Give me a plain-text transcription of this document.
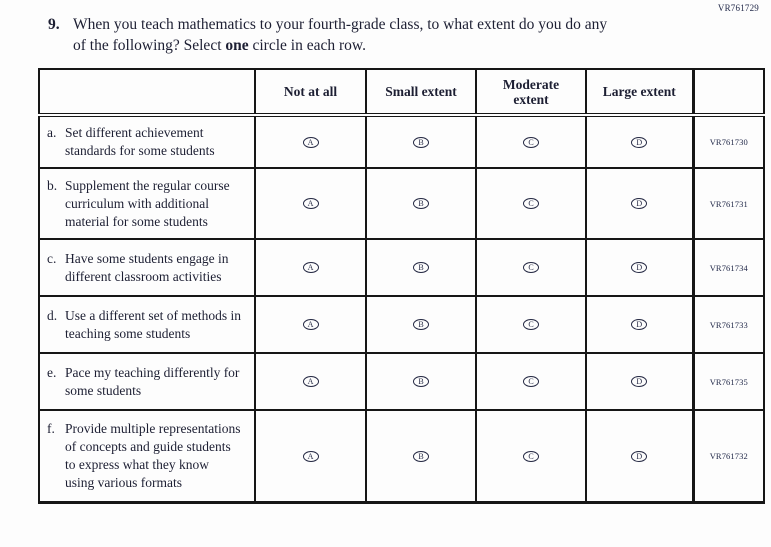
VR761729
9. When you teach mathematics to your fourth-grade class, to what extent do you do any
of the following? Select one circle in each row.
	Not at all	Small extent	Moderate extent	Large extent	

a. Set different achievement standards for some students	A	B	C	D	VR761730

b. Supplement the regular course curriculum with additional material for some students	A	B	C	D	VR761731

c. Have some students engage in different classroom activities	A	B	C	D	VR761734

d. Use a different set of methods in teaching some students	A	B	C	D	VR761733

e. Pace my teaching differently for some students	A	B	C	D	VR761735

f. Provide multiple representations of concepts and guide students to express what they know using various formats	A	B	C	D	VR761732
